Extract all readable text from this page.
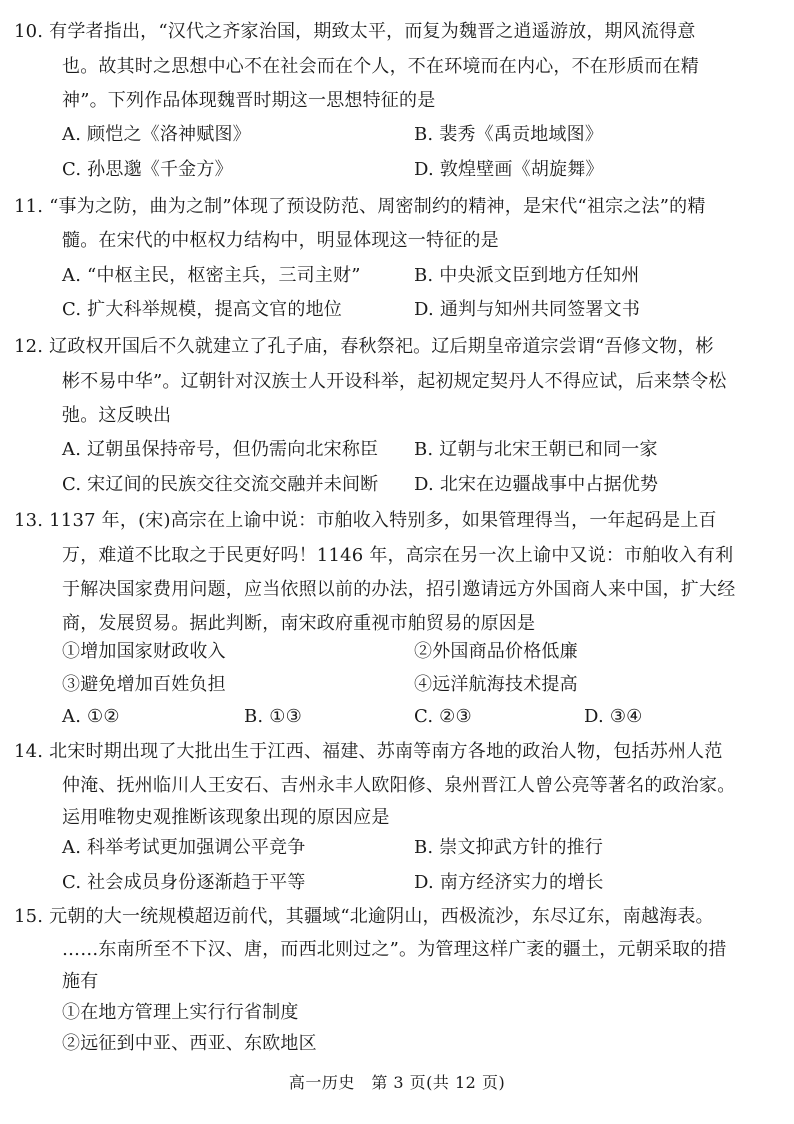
10. 有学者指出，“汉代之齐家治国，期致太平，而复为魏晋之逍遥游放，期风流得意
也。故其时之思想中心不在社会而在个人，不在环境而在内心，不在形质而在精
神”。下列作品体现魏晋时期这一思想特征的是
A. 顾恺之《洛神赋图》	B. 裴秀《禹贡地域图》
C. 孙思邈《千金方》	D. 敦煌壁画《胡旋舞》
11. “事为之防，曲为之制”体现了预设防范、周密制约的精神，是宋代“祖宗之法”的精
髓。在宋代的中枢权力结构中，明显体现这一特征的是
A. “中枢主民，枢密主兵，三司主财”	B. 中央派文臣到地方任知州
C. 扩大科举规模，提高文官的地位	D. 通判与知州共同签署文书
12. 辽政权开国后不久就建立了孔子庙，春秋祭祀。辽后期皇帝道宗尝谓“吾修文物，彬
彬不易中华”。辽朝针对汉族士人开设科举，起初规定契丹人不得应试，后来禁令松
弛。这反映出
A. 辽朝虽保持帝号，但仍需向北宋称臣 B. 辽朝与北宋王朝已和同一家
C. 宋辽间的民族交往交流交融并未间断 D. 北宋在边疆战事中占据优势
13. 1137 年，(宋)高宗在上谕中说：市舶收入特别多，如果管理得当，一年起码是上百
万，难道不比取之于民更好吗！1146 年，高宗在另一次上谕中又说：市舶收入有利
于解决国家费用问题，应当依照以前的办法，招引邀请远方外国商人来中国，扩大经
商，发展贸易。据此判断，南宋政府重视市舶贸易的原因是
①增加国家财政收入	②外国商品价格低廉
③避免增加百姓负担	④远洋航海技术提高
A. ①②	B. ①③	C. ②③	D. ③④
14. 北宋时期出现了大批出生于江西、福建、苏南等南方各地的政治人物，包括苏州人范
仲淹、抚州临川人王安石、吉州永丰人欧阳修、泉州晋江人曾公亮等著名的政治家。
运用唯物史观推断该现象出现的原因应是
A. 科举考试更加强调公平竞争	B. 崇文抑武方针的推行
C. 社会成员身份逐渐趋于平等	D. 南方经济实力的增长
15. 元朝的大一统规模超迈前代，其疆域“北逾阴山，西极流沙，东尽辽东，南越海表。
……东南所至不下汉、唐，而西北则过之”。为管理这样广袤的疆土，元朝采取的措
施有
①在地方管理上实行行省制度
②远征到中亚、西亚、东欧地区
高一历史　第 3 页(共 12 页)
